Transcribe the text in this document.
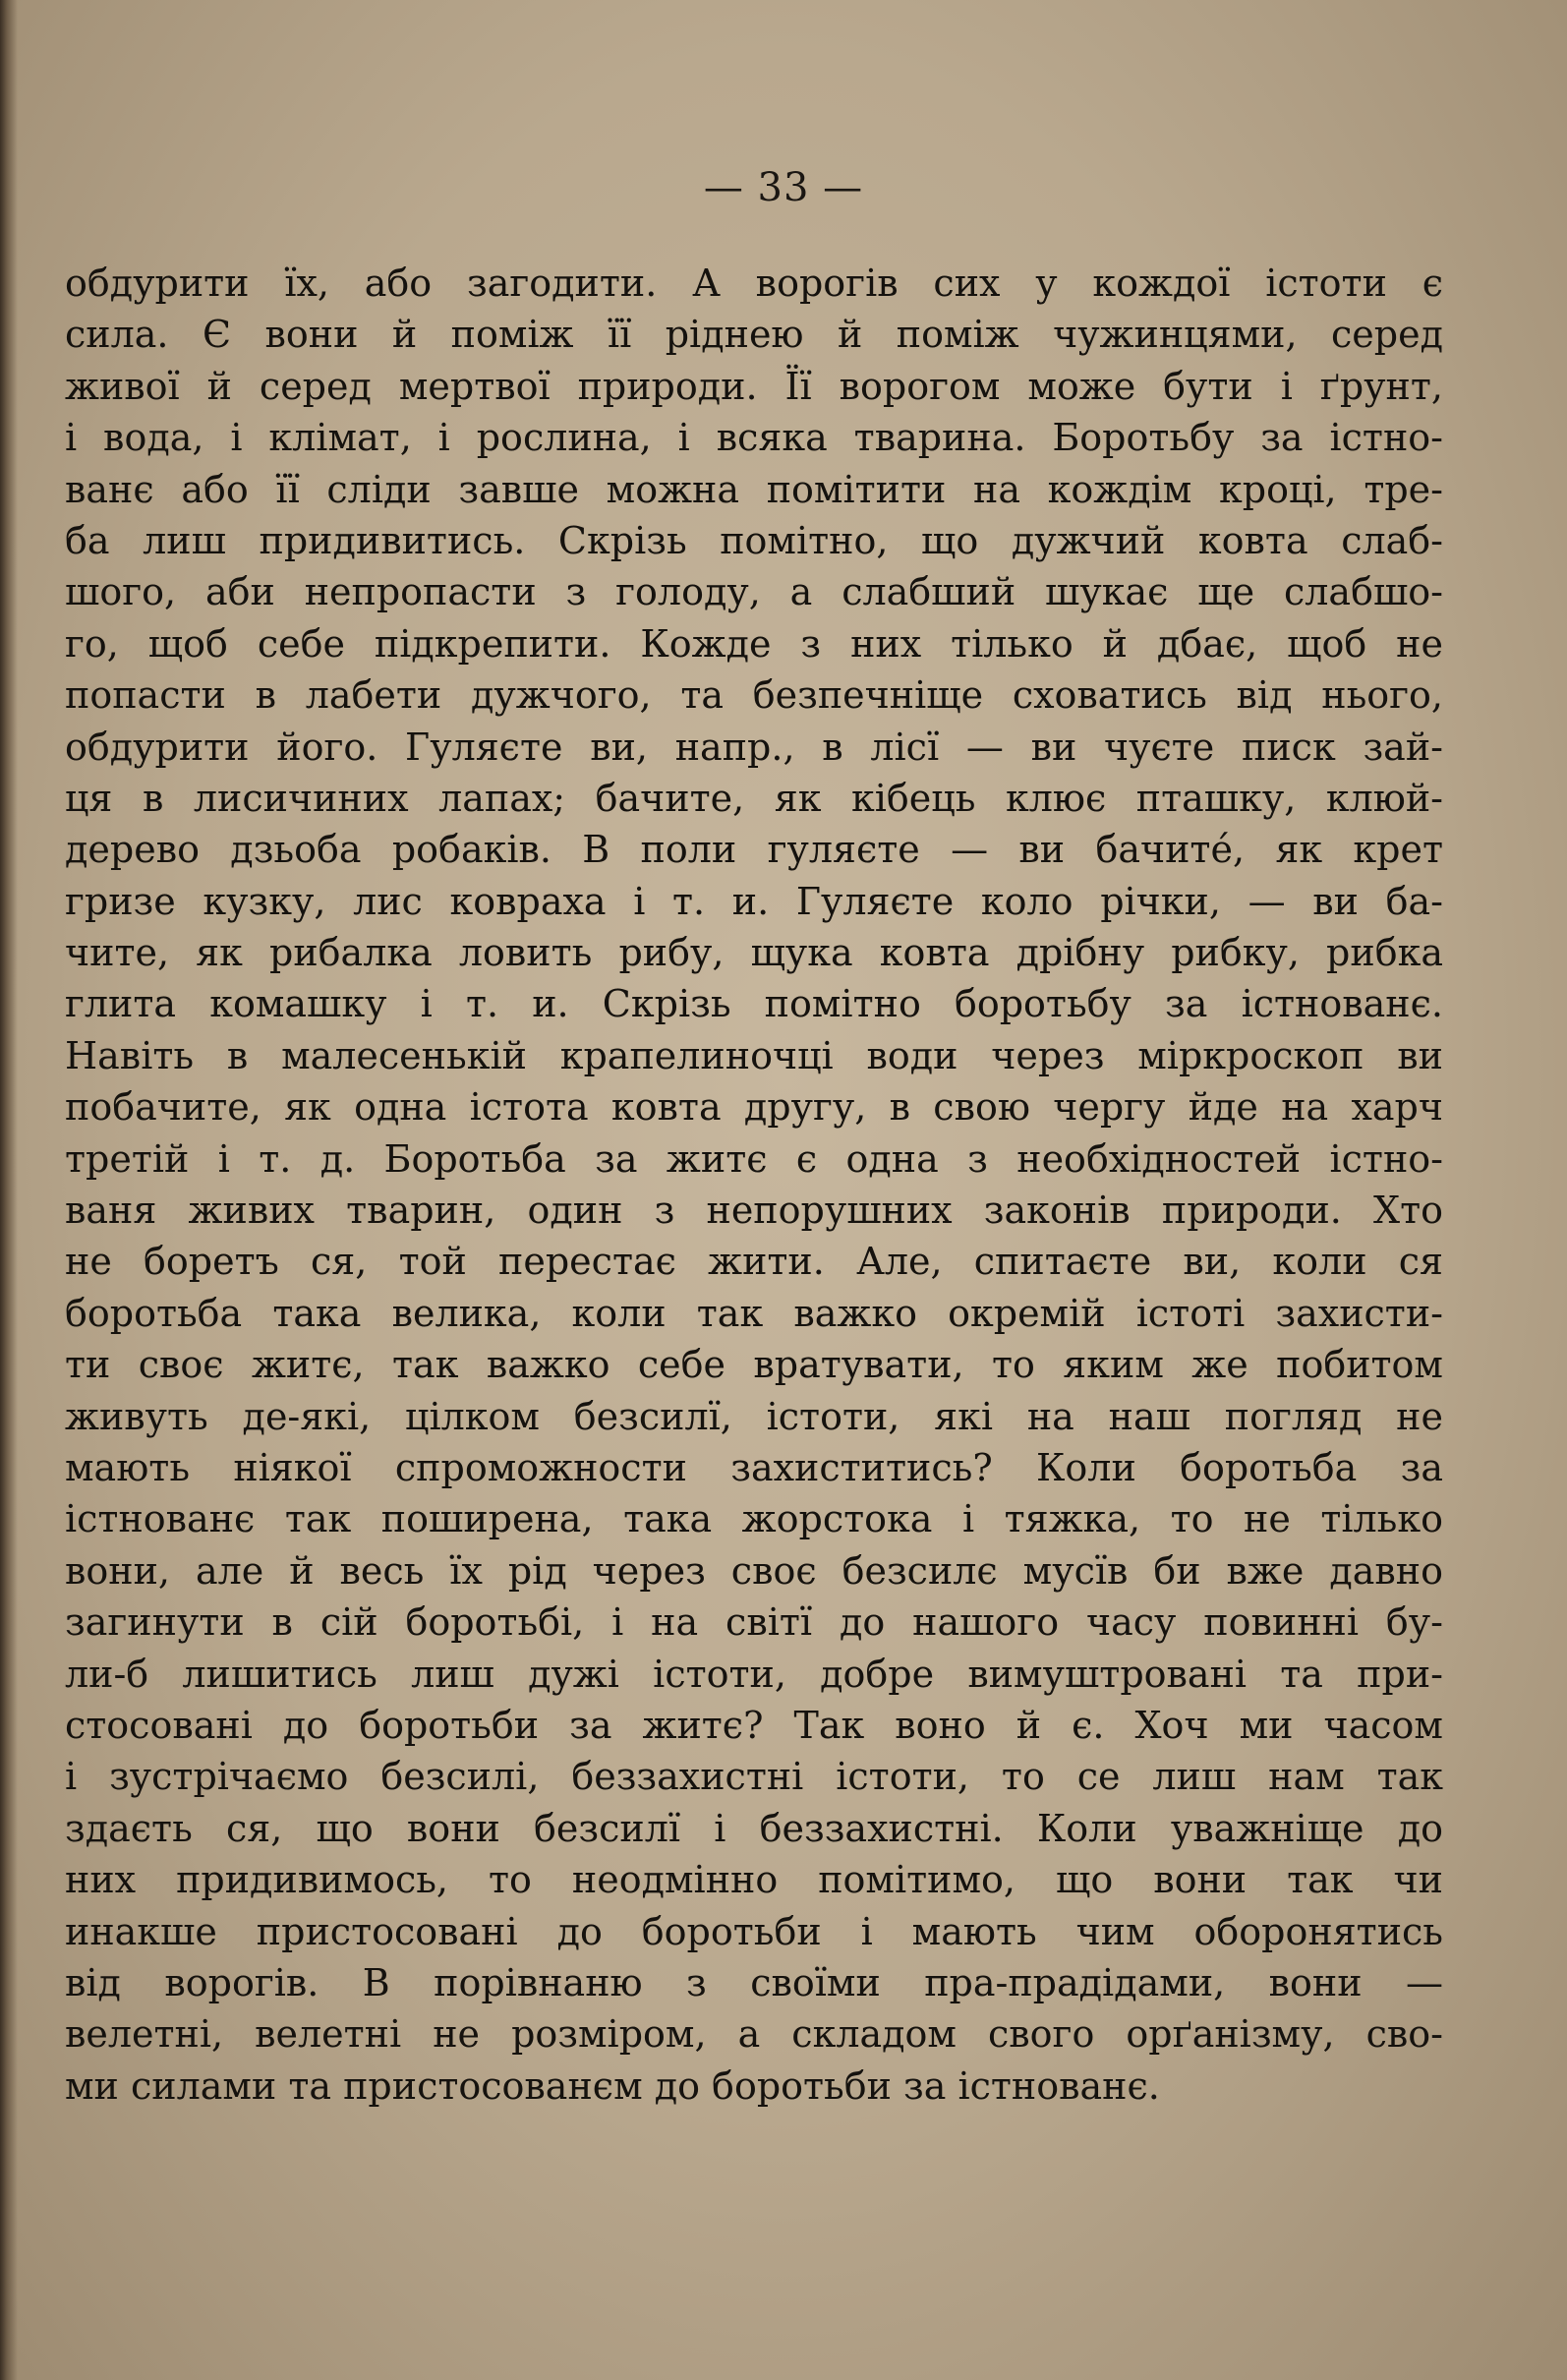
— 33 —
обдурити їх, або загодити. А ворогів сих у кождої істоти є
сила. Є вони й поміж її ріднею й поміж чужинцями, серед
живої й серед мертвої природи. Її ворогом може бути і ґрунт,
і вода, і клімат, і рослина, і всяка тварина. Боротьбу за істно-
ванє або її сліди завше можна помітити на кождім кроці, тре-
ба лиш придивитись. Скрізь помітно, що дужчий ковта слаб-
шого, аби непропасти з голоду, а слабший шукає ще слабшо-
го, щоб себе підкрепити. Кожде з них тілько й дбає, щоб не
попасти в лабети дужчого, та безпечніще сховатись від нього,
обдурити його. Гуляєте ви, напр., в лісї — ви чуєте писк зай-
ця в лисичиних лапах; бачите, як кібець клює пташку, клюй-
дерево дзьоба робаків. В поли гуляєте — ви бачитé, як крет
гризе кузку, лис ковраха і т. и. Гуляєте коло річки, — ви ба-
чите, як рибалка ловить рибу, щука ковта дрібну рибку, рибка
глита комашку і т. и. Скрізь помітно боротьбу за істнованє.
Навіть в малесенькій крапелиночці води через міркроскоп ви
побачите, як одна істота ковта другу, в свою чергу йде на харч
третій і т. д. Боротьба за житє є одна з необхідностей істно-
ваня живих тварин, один з непорушних законів природи. Хто
не боретъ ся, той перестає жити. Але, спитаєте ви, коли ся
боротьба така велика, коли так важко окремій істоті захисти-
ти своє житє, так важко себе вратувати, то яким же побитом
живуть де-які, цілком безсилї, істоти, які на наш погляд не
мають ніякої спроможности захиститись? Коли боротьба за
істнованє так поширена, така жорстока і тяжка, то не тілько
вони, але й весь їх рід через своє безсилє мусїв би вже давно
загинути в сій боротьбі, і на світї до нашого часу повинні бу-
ли-б лишитись лиш дужі істоти, добре вимуштровані та при-
стосовані до боротьби за житє? Так воно й є. Хоч ми часом
і зустрічаємо безсилі, беззахистні істоти, то се лиш нам так
здаєть ся, що вони безсилї і беззахистні. Коли уважніще до
них придивимось, то неодмінно помітимо, що вони так чи
инакше пристосовані до боротьби і мають чим оборонятись
від ворогів. В порівнаню з своїми пра-прадідами, вони —
велетні, велетні не розміром, а складом свого орґанізму, сво-
ми силами та пристосованєм до боротьби за істнованє.
